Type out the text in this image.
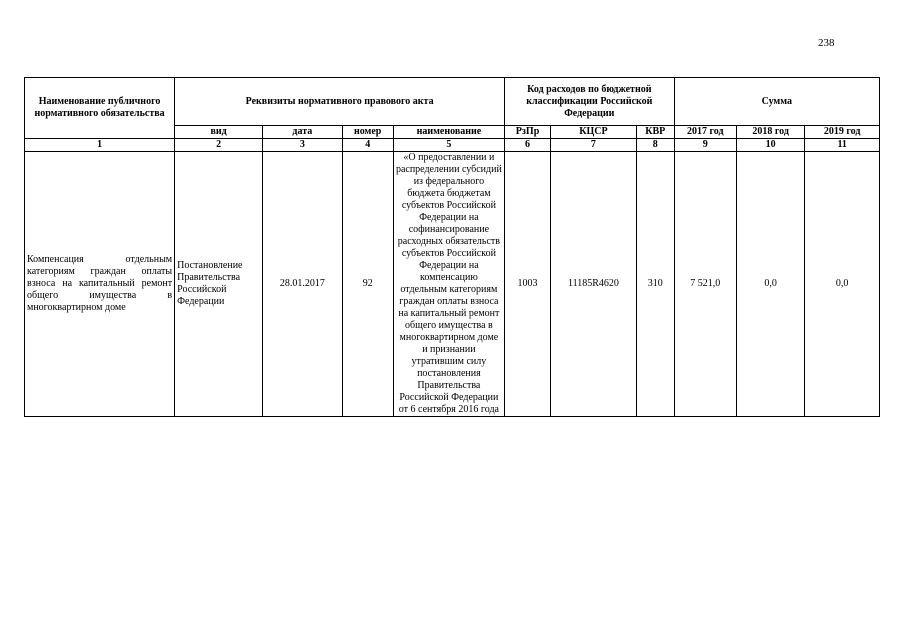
238
Наименование публичного нормативного обязательства	Реквизиты нормативного правового акта				Код расходов по бюджетной классификации Российской Федерации			Сумма		
	вид	дата	номер	наименование	РзПр	КЦСР	КВР	2017 год	2018 год	2019 год
1	2	3	4	5	6	7	8	9	10	11
Компенсация отдельным категориям граждан оплаты взноса на капитальный ремонт общего имущества в многоквартирном доме	Постановление Правительства Российской Федерации	28.01.2017	92	«О предоставлении и распределении субсидий из федерального бюджета бюджетам субъектов Российской Федерации на софинансирование расходных обязательств субъектов Российской Федерации на компенсацию отдельным категориям граждан оплаты взноса на капитальный ремонт общего имущества в многоквартирном доме и признании утратившим силу постановления Правительства Российской Федерации от 6 сентября 2016 года	1003	11185R4620	310	7 521,0	0,0	0,0
